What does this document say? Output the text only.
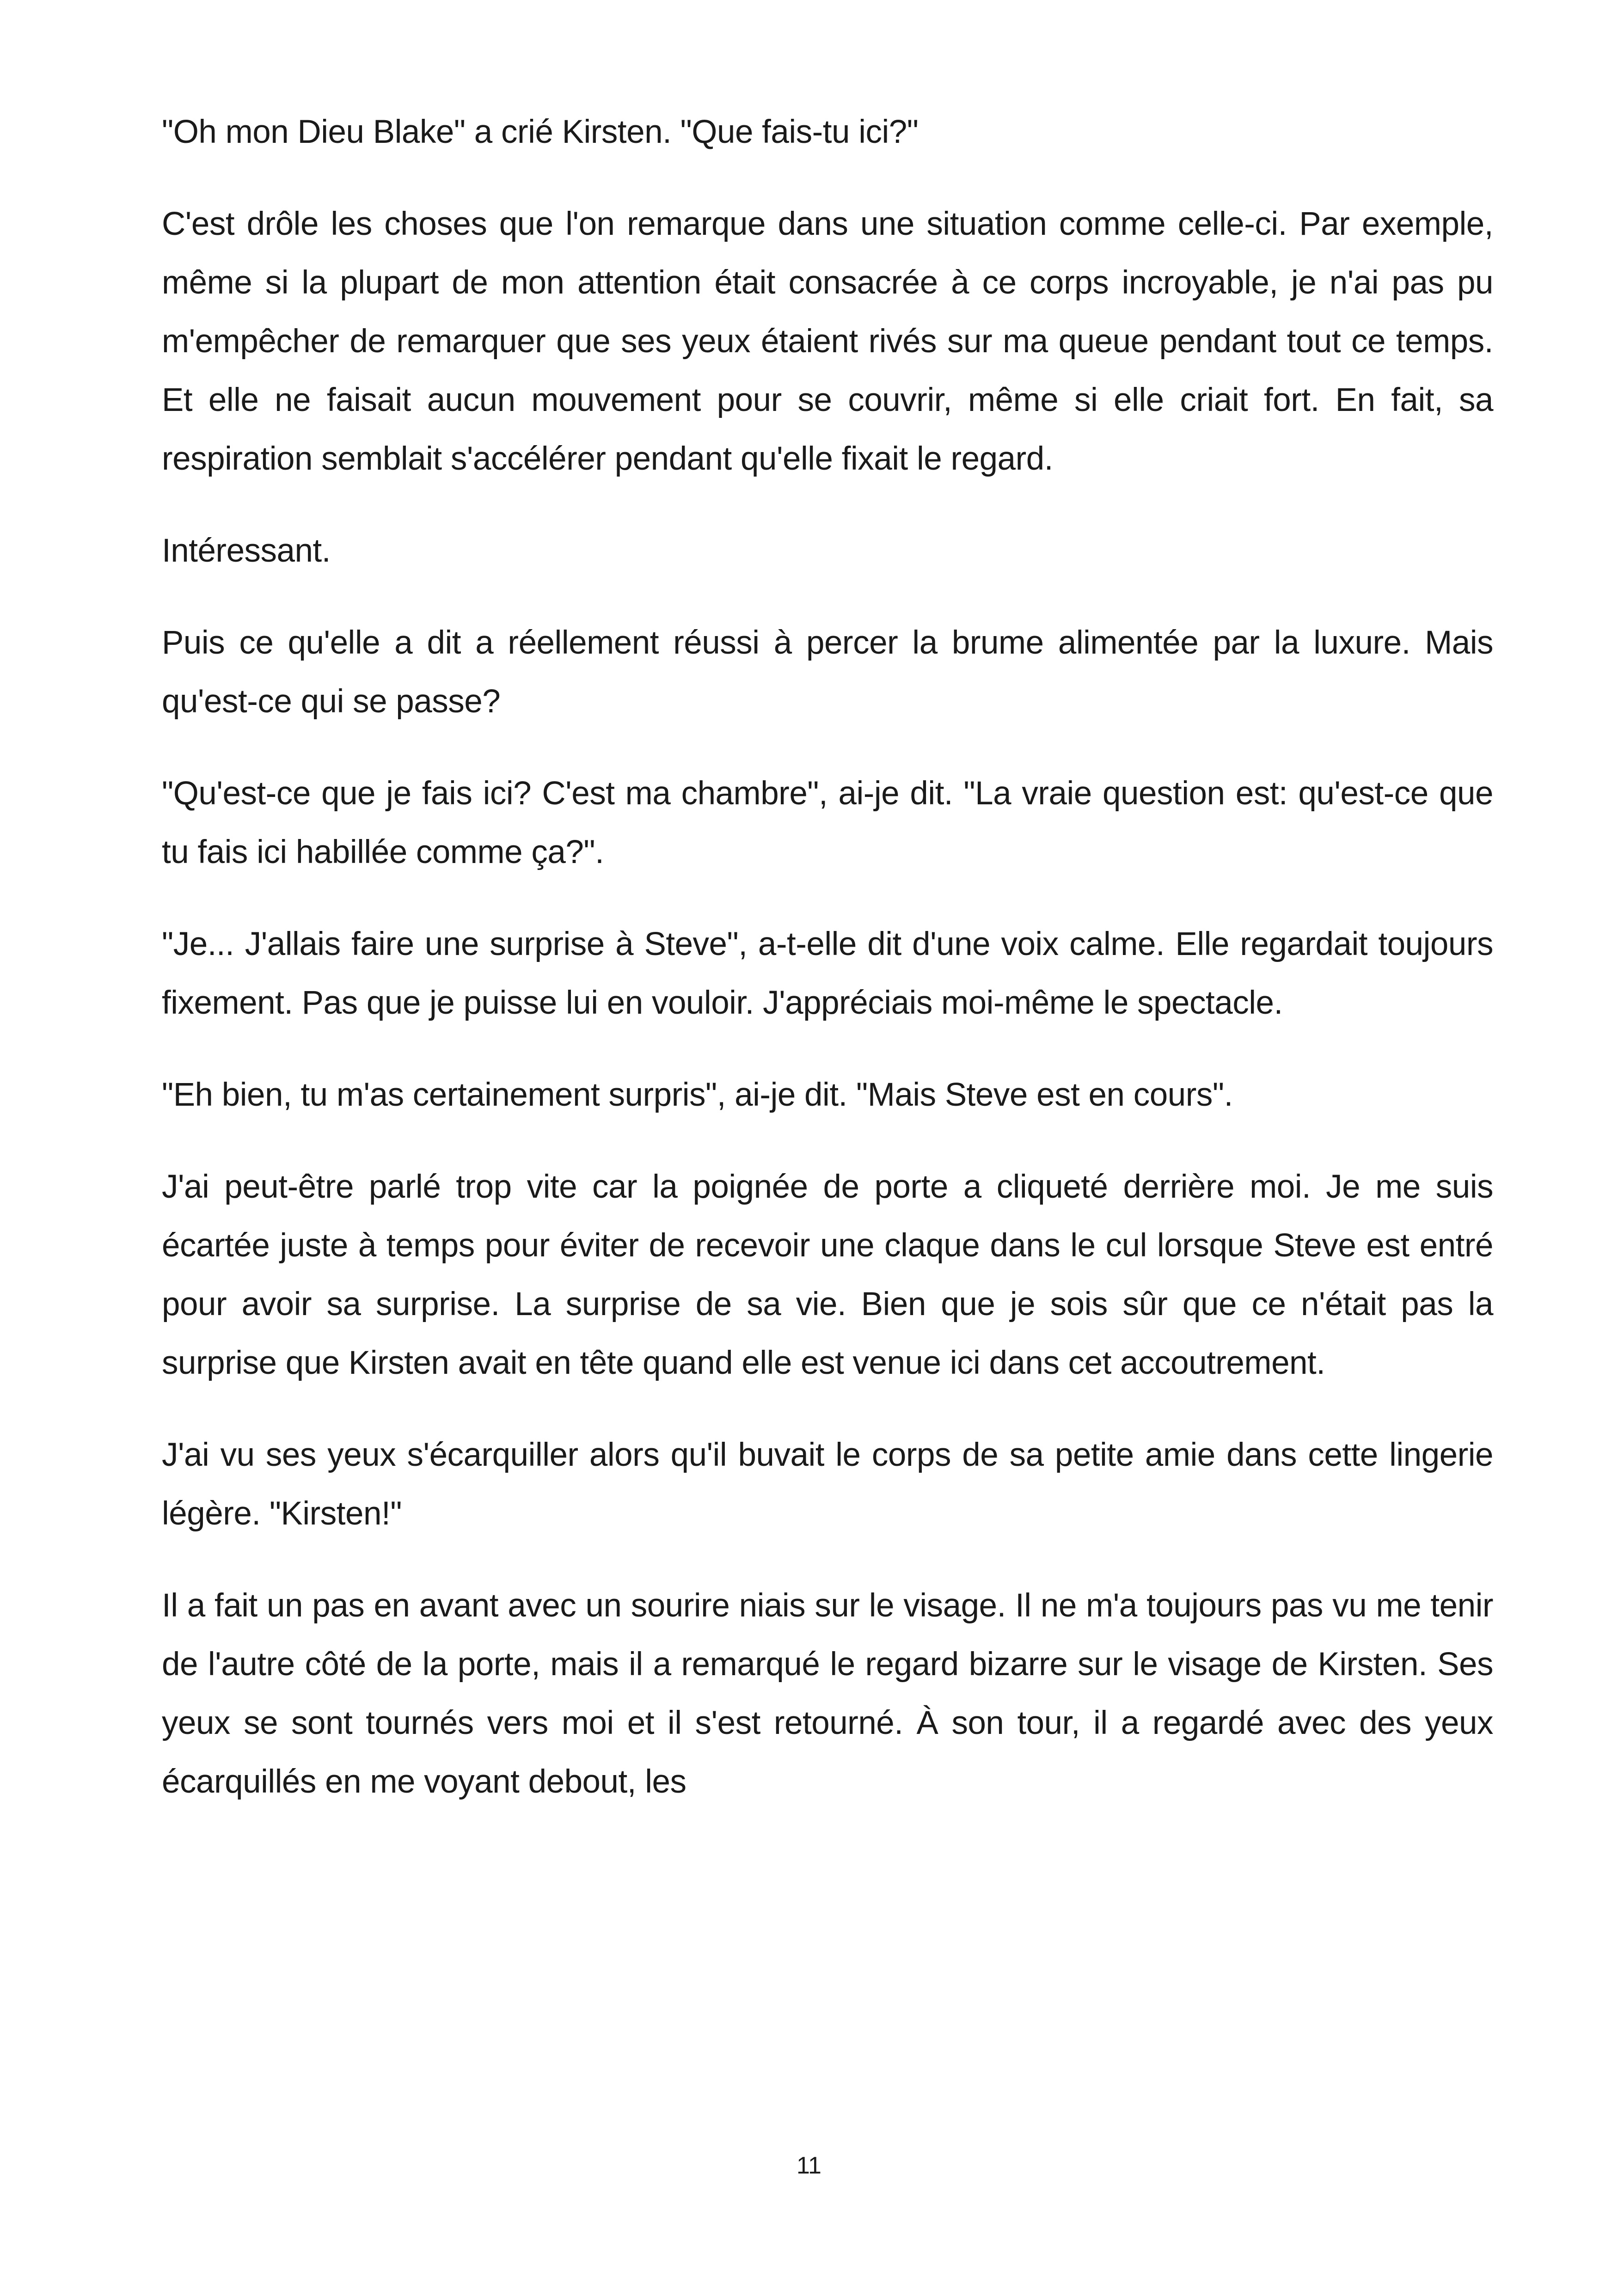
"Oh mon Dieu Blake" a crié Kirsten. "Que fais-tu ici?"

C'est drôle les choses que l'on remarque dans une situation comme celle-ci. Par exemple, même si la plupart de mon attention était consacrée à ce corps incroyable, je n'ai pas pu m'empêcher de remarquer que ses yeux étaient rivés sur ma queue pendant tout ce temps. Et elle ne faisait aucun mouvement pour se couvrir, même si elle criait fort. En fait, sa respiration semblait s'accélérer pendant qu'elle fixait le regard.

Intéressant.

Puis ce qu'elle a dit a réellement réussi à percer la brume alimentée par la luxure. Mais qu'est-ce qui se passe?

"Qu'est-ce que je fais ici? C'est ma chambre", ai-je dit. "La vraie question est: qu'est-ce que tu fais ici habillée comme ça?".

"Je... J'allais faire une surprise à Steve", a-t-elle dit d'une voix calme. Elle regardait toujours fixement. Pas que je puisse lui en vouloir. J'appréciais moi-même le spectacle.

"Eh bien, tu m'as certainement surpris", ai-je dit. "Mais Steve est en cours".

J'ai peut-être parlé trop vite car la poignée de porte a cliqueté derrière moi. Je me suis écartée juste à temps pour éviter de recevoir une claque dans le cul lorsque Steve est entré pour avoir sa surprise. La surprise de sa vie. Bien que je sois sûr que ce n'était pas la surprise que Kirsten avait en tête quand elle est venue ici dans cet accoutrement.

J'ai vu ses yeux s'écarquiller alors qu'il buvait le corps de sa petite amie dans cette lingerie légère. "Kirsten!"

Il a fait un pas en avant avec un sourire niais sur le visage. Il ne m'a toujours pas vu me tenir de l'autre côté de la porte, mais il a remarqué le regard bizarre sur le visage de Kirsten. Ses yeux se sont tournés vers moi et il s'est retourné. À son tour, il a regardé avec des yeux écarquillés en me voyant debout, les

11
